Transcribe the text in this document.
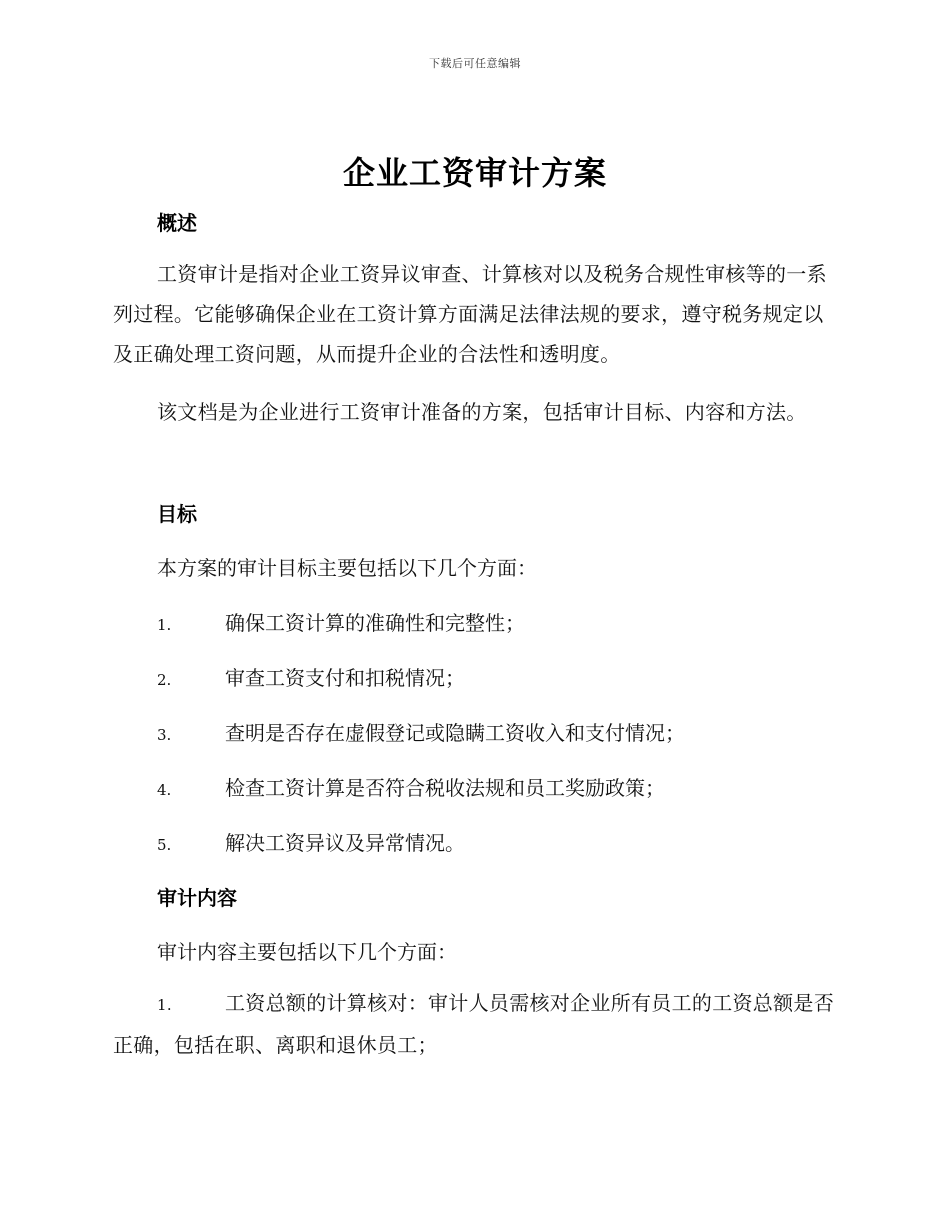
下载后可任意编辑
企业工资审计方案
概述

工资审计是指对企业工资异议审查、计算核对以及税务合规性审核等的一系列过程。它能够确保企业在工资计算方面满足法律法规的要求，遵守税务规定以及正确处理工资问题，从而提升企业的合法性和透明度。

该文档是为企业进行工资审计准备的方案，包括审计目标、内容和方法。

目标

本方案的审计目标主要包括以下几个方面：

1.	确保工资计算的准确性和完整性；

2.	审查工资支付和扣税情况；

3.	查明是否存在虚假登记或隐瞒工资收入和支付情况；

4.	检查工资计算是否符合税收法规和员工奖励政策；

5.	解决工资异议及异常情况。

审计内容

审计内容主要包括以下几个方面：

1.	工资总额的计算核对：审计人员需核对企业所有员工的工资总额是否正确，包括在职、离职和退休员工；
